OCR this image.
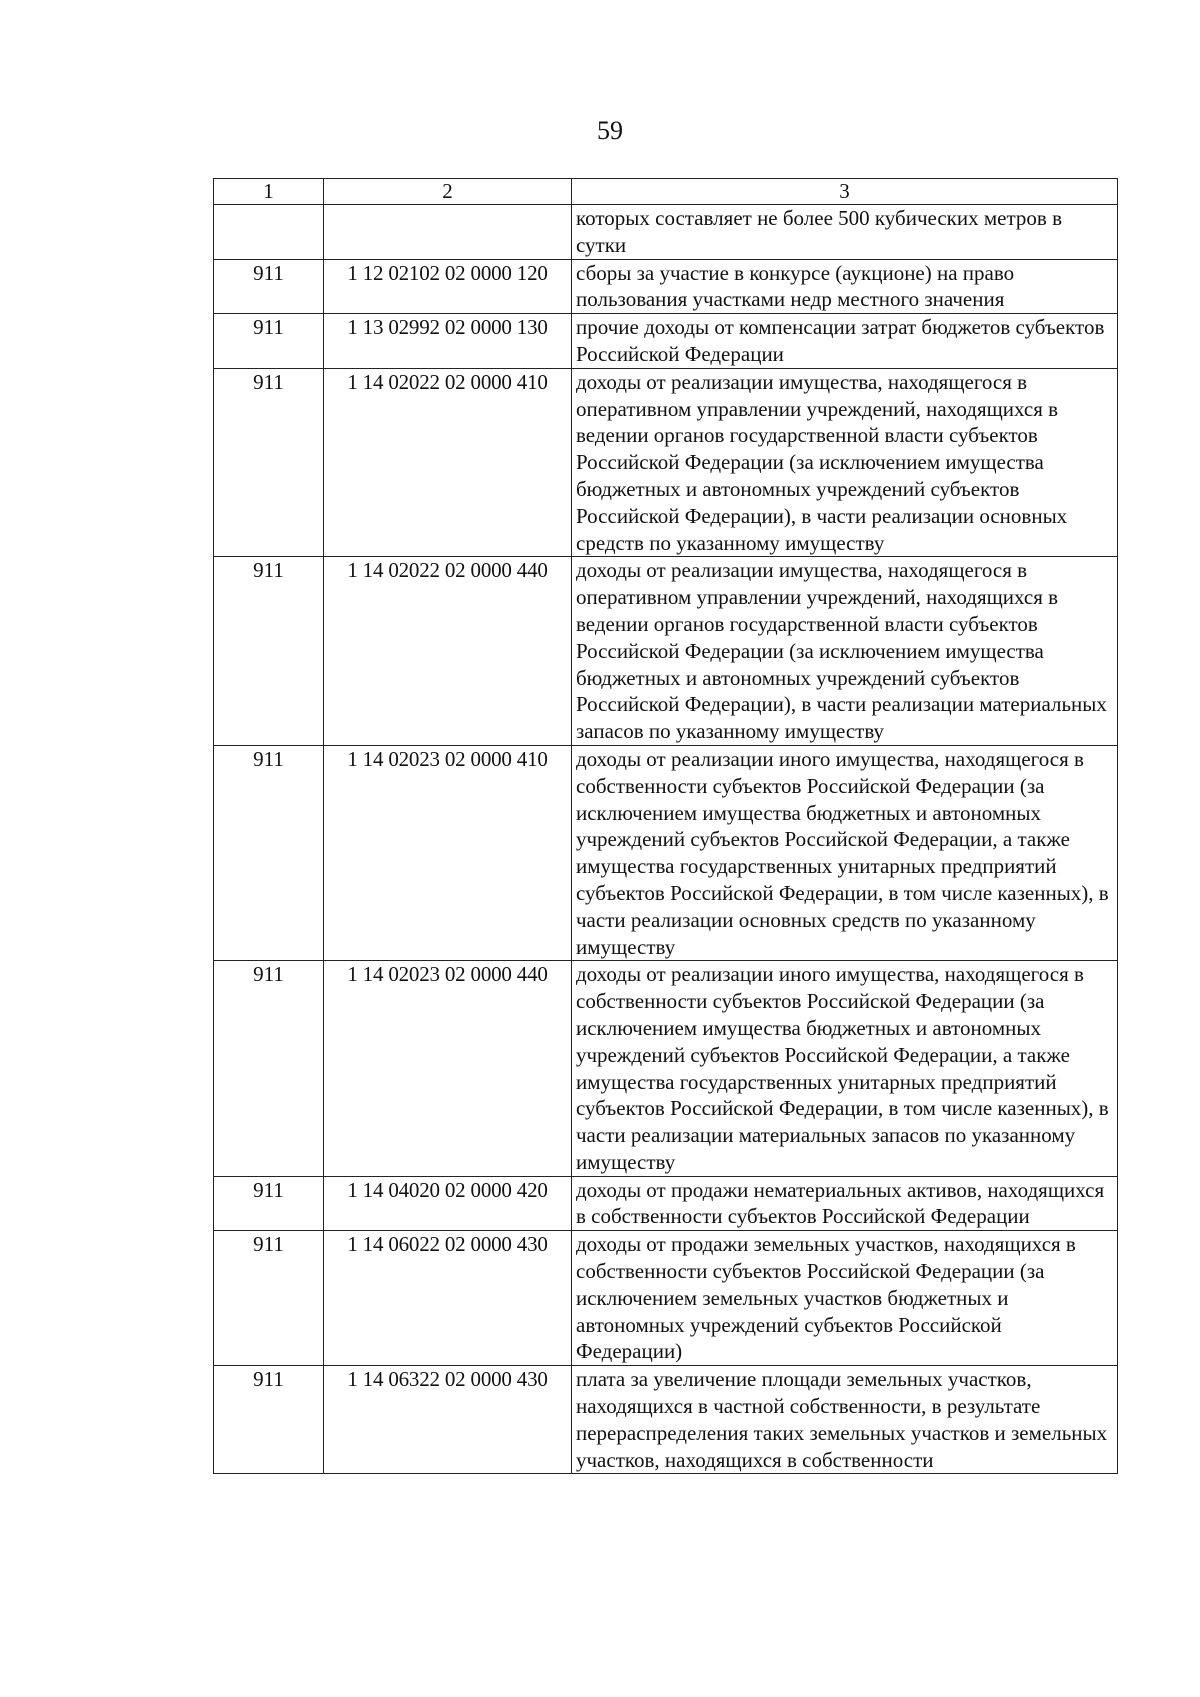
59
1	2	3
		которых составляет не более 500 кубических метров в сутки
911	1 12 02102 02 0000 120	сборы за участие в конкурсе (аукционе) на право пользования участками недр местного значения
911	1 13 02992 02 0000 130	прочие доходы от компенсации затрат бюджетов субъектов Российской Федерации
911	1 14 02022 02 0000 410	доходы от реализации имущества, находящегося в оперативном управлении учреждений, находящихся в ведении органов государственной власти субъектов Российской Федерации (за исключением имущества бюджетных и автономных учреждений субъектов Российской Федерации), в части реализации основных средств по указанному имуществу
911	1 14 02022 02 0000 440	доходы от реализации имущества, находящегося в оперативном управлении учреждений, находящихся в ведении органов государственной власти субъектов Российской Федерации (за исключением имущества бюджетных и автономных учреждений субъектов Российской Федерации), в части реализации материальных запасов по указанному имуществу
911	1 14 02023 02 0000 410	доходы от реализации иного имущества, находящегося в собственности субъектов Российской Федерации (за исключением имущества бюджетных и автономных учреждений субъектов Российской Федерации, а также имущества государственных унитарных предприятий субъектов Российской Федерации, в том числе казенных), в части реализации основных средств по указанному имуществу
911	1 14 02023 02 0000 440	доходы от реализации иного имущества, находящегося в собственности субъектов Российской Федерации (за исключением имущества бюджетных и автономных учреждений субъектов Российской Федерации, а также имущества государственных унитарных предприятий субъектов Российской Федерации, в том числе казенных), в части реализации материальных запасов по указанному имуществу
911	1 14 04020 02 0000 420	доходы от продажи нематериальных активов, находящихся в собственности субъектов Российской Федерации
911	1 14 06022 02 0000 430	доходы от продажи земельных участков, находящихся в собственности субъектов Российской Федерации (за исключением земельных участков бюджетных и автономных учреждений субъектов Российской Федерации)
911	1 14 06322 02 0000 430	плата за увеличение площади земельных участков, находящихся в частной собственности, в результате перераспределения таких земельных участков и земельных участков, находящихся в собственности
